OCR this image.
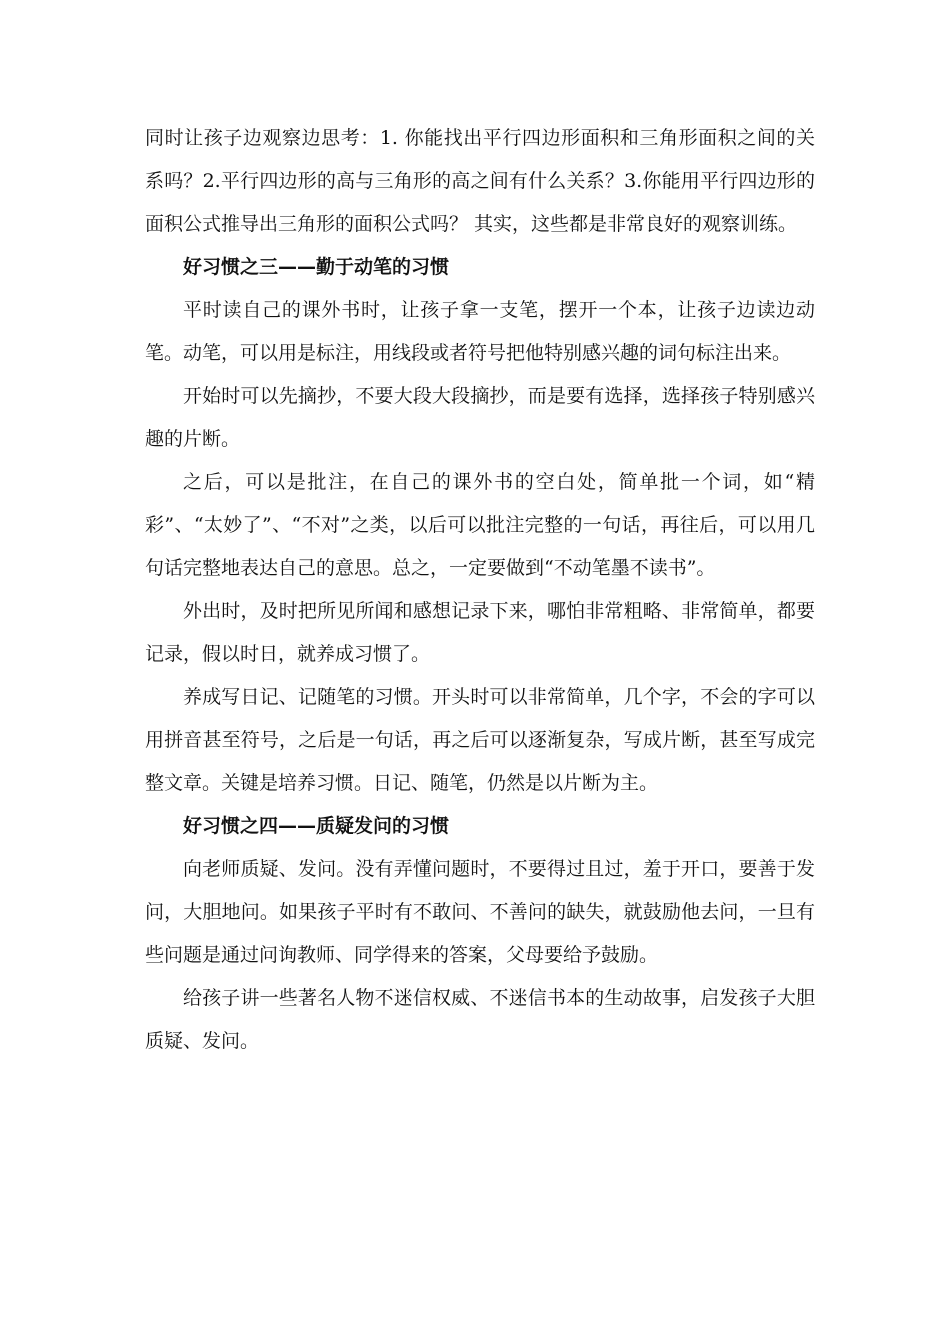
同时让孩子边观察边思考：1. 你能找出平行四边形面积和三角形面积之间的关系吗？2.平行四边形的高与三角形的高之间有什么关系？3.你能用平行四边形的面积公式推导出三角形的面积公式吗？ 其实，这些都是非常良好的观察训练。

好习惯之三——勤于动笔的习惯

平时读自己的课外书时，让孩子拿一支笔，摆开一个本，让孩子边读边动笔。动笔，可以用是标注，用线段或者符号把他特别感兴趣的词句标注出来。

开始时可以先摘抄，不要大段大段摘抄，而是要有选择，选择孩子特别感兴趣的片断。

之后，可以是批注，在自己的课外书的空白处，简单批一个词，如“精彩”、“太妙了”、“不对”之类，以后可以批注完整的一句话，再往后，可以用几句话完整地表达自己的意思。总之，一定要做到“不动笔墨不读书”。

外出时，及时把所见所闻和感想记录下来，哪怕非常粗略、非常简单，都要记录，假以时日，就养成习惯了。

养成写日记、记随笔的习惯。开头时可以非常简单，几个字，不会的字可以用拼音甚至符号，之后是一句话，再之后可以逐渐复杂，写成片断，甚至写成完整文章。关键是培养习惯。日记、随笔，仍然是以片断为主。

好习惯之四——质疑发问的习惯

向老师质疑、发问。没有弄懂问题时，不要得过且过，羞于开口，要善于发问，大胆地问。如果孩子平时有不敢问、不善问的缺失，就鼓励他去问，一旦有些问题是通过问询教师、同学得来的答案，父母要给予鼓励。

给孩子讲一些著名人物不迷信权威、不迷信书本的生动故事，启发孩子大胆质疑、发问。
